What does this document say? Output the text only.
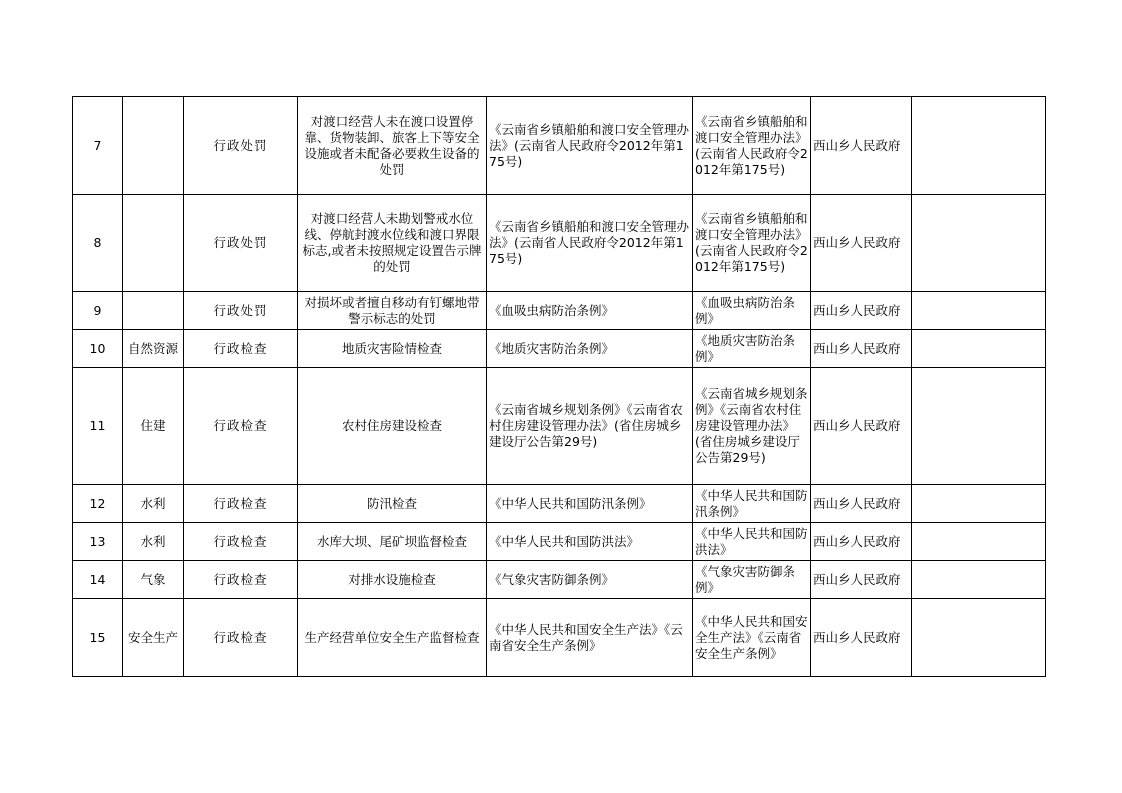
7		行政处罚	对渡口经营人未在渡口设置停靠、货物装卸、旅客上下等安全设施或者未配备必要救生设备的处罚	《云南省乡镇船舶和渡口安全管理办法》(云南省人民政府令2012年第175号)	《云南省乡镇船舶和渡口安全管理办法》(云南省人民政府令2012年第175号)	西山乡人民政府	
8		行政处罚	对渡口经营人未勘划警戒水位线、停航封渡水位线和渡口界限标志,或者未按照规定设置告示牌的处罚	《云南省乡镇船舶和渡口安全管理办法》(云南省人民政府令2012年第175号)	《云南省乡镇船舶和渡口安全管理办法》(云南省人民政府令2012年第175号)	西山乡人民政府	
9		行政处罚	对损坏或者擅自移动有钉螺地带警示标志的处罚	《血吸虫病防治条例》	《血吸虫病防治条例》	西山乡人民政府	
10	自然资源	行政检查	地质灾害险情检查	《地质灾害防治条例》	《地质灾害防治条例》	西山乡人民政府	
11	住建	行政检查	农村住房建设检查	《云南省城乡规划条例》《云南省农村住房建设管理办法》(省住房城乡建设厅公告第29号)	《云南省城乡规划条例》《云南省农村住房建设管理办法》(省住房城乡建设厅公告第29号)	西山乡人民政府	
12	水利	行政检查	防汛检查	《中华人民共和国防汛条例》	《中华人民共和国防汛条例》	西山乡人民政府	
13	水利	行政检查	水库大坝、尾矿坝监督检查	《中华人民共和国防洪法》	《中华人民共和国防洪法》	西山乡人民政府	
14	气象	行政检查	对排水设施检查	《气象灾害防御条例》	《气象灾害防御条例》	西山乡人民政府	
15	安全生产	行政检查	生产经营单位安全生产监督检查	《中华人民共和国安全生产法》《云南省安全生产条例》	《中华人民共和国安全生产法》《云南省安全生产条例》	西山乡人民政府	
